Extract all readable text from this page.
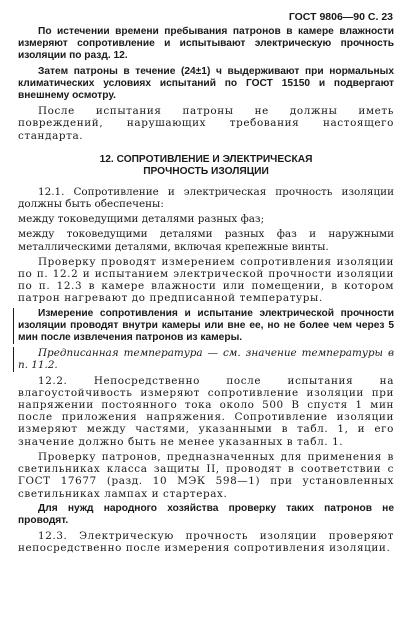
ГОСТ 9806—90 С. 23

По истечении времени пребывания патронов в камере влажности измеряют сопротивление и испытывают электрическую прочность изоляции по разд. 12.

Затем патроны в течение (24±1) ч выдерживают при нормальных климатических условиях испытаний по ГОСТ 15150 и подвергают внешнему осмотру.

После испытания патроны не должны иметь повреждений, нарушающих требования настоящего стандарта.

12. СОПРОТИВЛЕНИЕ И ЭЛЕКТРИЧЕСКАЯ
ПРОЧНОСТЬ ИЗОЛЯЦИИ

12.1. Сопротивление и электрическая прочность изоляции должны быть обеспечены:

между токоведущими деталями разных фаз;

между токоведущими деталями разных фаз и наружными металлическими деталями, включая крепежные винты.

Проверку проводят измерением сопротивления изоляции по п. 12.2 и испытанием электрической прочности изоляции по п. 12.3 в камере влажности или помещении, в котором патрон нагревают до предписанной температуры.

Измерение сопротивления и испытание электрической прочности изоляции проводят внутри камеры или вне ее, но не более чем через 5 мин после извлечения патронов из камеры.

Предписанная температура — см. значение температуры в п. 11.2.

12.2. Непосредственно после испытания на влагоустойчивость измеряют сопротивление изоляции при напряжении постоянного тока около 500 В спустя 1 мин после приложения напряжения. Сопротивление изоляции измеряют между частями, указанными в табл. 1, и его значение должно быть не менее указанных в табл. 1.

Проверку патронов, предназначенных для применения в светильниках класса защиты II, проводят в соответствии с ГОСТ 17677 (разд. 10 МЭК 598—1) при установленных светильниках лампах и стартерах.

Для нужд народного хозяйства проверку таких патронов не проводят.

12.3. Электрическую прочность изоляции проверяют непосредственно после измерения сопротивления изоляции.
